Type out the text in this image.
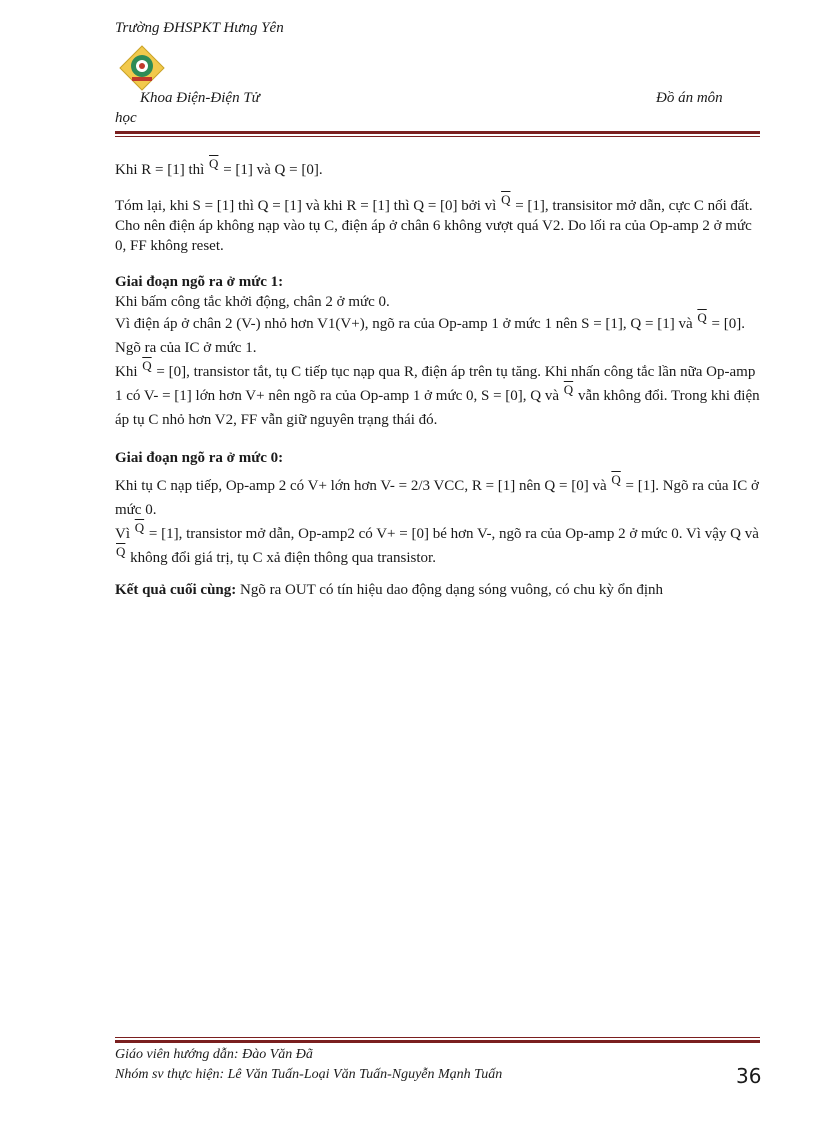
Trường ĐHSPKT Hưng Yên
Khoa Điện-Điện Tử	Đồ án môn
học

Khi R = [1] thì $\overline{Q} = [1]$ và Q = [0].

Tóm lại, khi S = [1] thì Q = [1] và khi R = [1] thì Q = [0] bởi vì $\overline{Q} = [1]$, transisitor mở dẫn, cực C nối đất. Cho nên điện áp không nạp vào tụ C, điện áp ở chân 6 không vượt quá V2. Do lối ra của Op-amp 2 ở mức 0, FF không reset.

Giai đoạn ngõ ra ở mức 1:

Khi bấm công tắc khởi động, chân 2 ở mức 0.

Vì điện áp ở chân 2 (V-) nhỏ hơn V1(V+), ngõ ra của Op-amp 1 ở mức 1 nên S = [1], Q = [1] và $\overline{Q} = [0]$. Ngõ ra của IC ở mức 1.

Khi $\overline{Q} = [0]$, transistor tắt, tụ C tiếp tục nạp qua R, điện áp trên tụ tăng. Khi nhấn công tắc lần nữa Op-amp 1 có V- = [1] lớn hơn V+ nên ngõ ra của Op-amp 1 ở mức 0, S = [0], Q và $\overline{Q}$ vẫn không đổi. Trong khi điện áp tụ C nhỏ hơn V2, FF vẫn giữ nguyên trạng thái đó.

Giai đoạn ngõ ra ở mức 0:

Khi tụ C nạp tiếp, Op-amp 2 có V+ lớn hơn V- = 2/3 VCC, R = [1] nên Q = [0] và $\overline{Q} = [1]$. Ngõ ra của IC ở mức 0.

Vì $\overline{Q} = [1]$, transistor mở dẫn, Op-amp2 có V+ = [0] bé hơn V-, ngõ ra của Op-amp 2 ở mức 0. Vì vậy Q và $\overline{Q}$ không đổi giá trị, tụ C xả điện thông qua transistor.

Kết quả cuối cùng: Ngõ ra OUT có tín hiệu dao động dạng sóng vuông, có chu kỳ ổn định

Giáo viên hướng dẫn: Đào Văn Đã
Nhóm sv thực hiện: Lê Văn Tuấn-Loại Văn Tuấn-Nguyễn Mạnh Tuấn	36
